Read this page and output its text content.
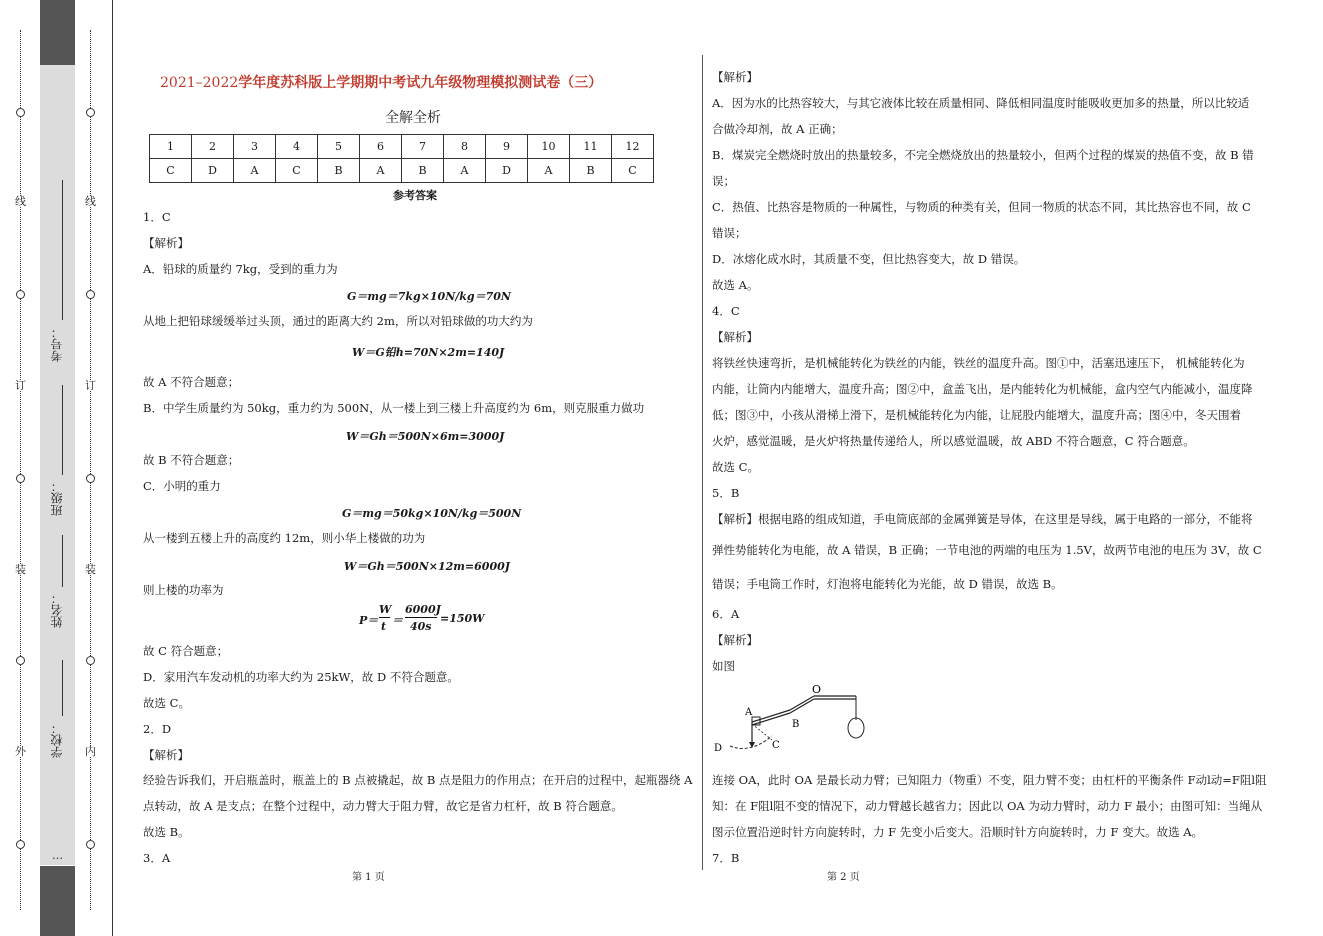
线
订
装
外
线
订
装
内
考号：
班级：
姓名：
学校：
…
2021–2022学年度苏科版上学期期中考试九年级物理模拟测试卷（三）
全解全析
1	2	3	4	5	6	7	8	9	10	11	12
C	D	A	C	B	A	B	A	D	A	B	C
参考答案
1．C
【解析】
A．铅球的质量约 7kg，受到的重力为
G＝mg＝7kg×10N/kg＝70N
从地上把铅球缓缓举过头顶，通过的距离大约 2m，所以对铅球做的功大约为
W＝G铅h=70N×2m=140J
故 A 不符合题意；
B．中学生质量约为 50kg，重力约为 500N，从一楼上到三楼上升高度约为 6m，则克服重力做功
W＝Gh＝500N×6m=3000J
故 B 不符合题意；
C．小明的重力
G＝mg＝50kg×10N/kg＝500N
从一楼到五楼上升的高度约 12m，则小华上楼做的功为
W＝Gh＝500N×12m=6000J
则上楼的功率为
P＝
W
t ＝
6000J
40s
=150W
故 C 符合题意；
D．家用汽车发动机的功率大约为 25kW，故 D 不符合题意。
故选 C。
2．D
【解析】
经验告诉我们，开启瓶盖时，瓶盖上的 B 点被撬起，故 B 点是阻力的作用点；在开启的过程中，起瓶器绕 A
点转动，故 A 是支点；在整个过程中，动力臂大于阻力臂，故它是省力杠杆，故 B 符合题意。
故选 B。
3．A
【解析】
A．因为水的比热容较大，与其它液体比较在质量相同、降低相同温度时能吸收更加多的热量，所以比较适
合做冷却剂，故 A 正确；
B．煤炭完全燃烧时放出的热量较多，不完全燃烧放出的热量较小，但两个过程的煤炭的热值不变，故 B 错
误；
C．热值、比热容是物质的一种属性，与物质的种类有关，但同一物质的状态不同，其比热容也不同，故 C
错误；
D．冰熔化成水时，其质量不变，但比热容变大，故 D 错误。
故选 A。
4．C
【解析】
将铁丝快速弯折，是机械能转化为铁丝的内能，铁丝的温度升高。图①中，活塞迅速压下， 机械能转化为
内能，让筒内内能增大，温度升高；图②中，盒盖飞出，是内能转化为机械能，盒内空气内能减小，温度降
低；图③中，小孩从滑梯上滑下，是机械能转化为内能，让屁股内能增大，温度升高；图④中，冬天围着
火炉，感觉温暖，是火炉将热量传递给人，所以感觉温暖，故 ABD 不符合题意，C 符合题意。
故选 C。
5．B
【解析】根据电路的组成知道，手电筒底部的金属弹簧是导体，在这里是导线，属于电路的一部分，不能将
弹性势能转化为电能，故 A 错误，B 正确；一节电池的两端的电压为 1.5V，故两节电池的电压为 3V，故 C
错误；手电筒工作时，灯泡将电能转化为光能，故 D 错误，故选 B。
6．A
【解析】
如图
连接 OA，此时 OA 是最长动力臂；已知阻力（物重）不变，阻力臂不变；由杠杆的平衡条件 F动l动=F阻l阻
知：在 F阻l阻不变的情况下，动力臂越长越省力；因此以 OA 为动力臂时，动力 F 最小；由图可知：当绳从
图示位置沿逆时针方向旋转时，力 F 先变小后变大。沿顺时针方向旋转时，力 F 变大。故选 A。
7．B
O
A
B
C
D
第 1 页	第 2 页
